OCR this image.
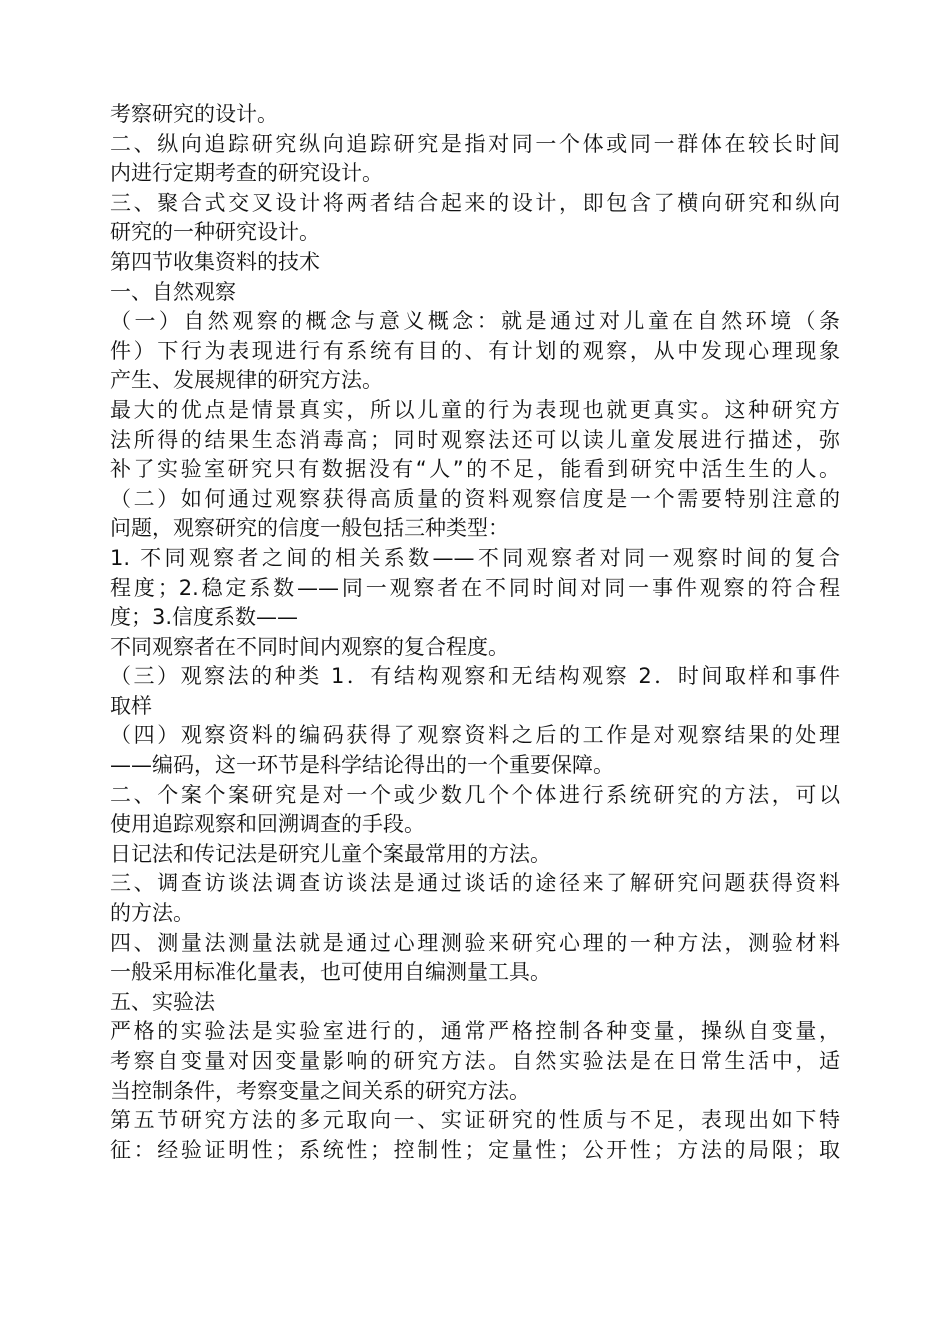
考察研究的设计。
二、纵向追踪研究纵向追踪研究是指对同一个体或同一群体在较长时间
内进行定期考查的研究设计。
三、聚合式交叉设计将两者结合起来的设计，即包含了横向研究和纵向
研究的一种研究设计。
第四节收集资料的技术
一、自然观察
（一）自然观察的概念与意义概念：就是通过对儿童在自然环境（条
件）下行为表现进行有系统有目的、有计划的观察，从中发现心理现象
产生、发展规律的研究方法。
最大的优点是情景真实，所以儿童的行为表现也就更真实。这种研究方
法所得的结果生态消毒高；同时观察法还可以读儿童发展进行描述，弥
补了实验室研究只有数据没有“人”的不足，能看到研究中活生生的人。
（二）如何通过观察获得高质量的资料观察信度是一个需要特别注意的
问题，观察研究的信度一般包括三种类型：
1. 不同观察者之间的相关系数——不同观察者对同一观察时间的复合
程度；2.稳定系数——同一观察者在不同时间对同一事件观察的符合程
度；3.信度系数——
不同观察者在不同时间内观察的复合程度。
（三）观察法的种类 1．有结构观察和无结构观察 2．时间取样和事件
取样
（四）观察资料的编码获得了观察资料之后的工作是对观察结果的处理
——编码，这一环节是科学结论得出的一个重要保障。
二、个案个案研究是对一个或少数几个个体进行系统研究的方法，可以
使用追踪观察和回溯调查的手段。
日记法和传记法是研究儿童个案最常用的方法。
三、调查访谈法调查访谈法是通过谈话的途径来了解研究问题获得资料
的方法。
四、测量法测量法就是通过心理测验来研究心理的一种方法，测验材料
一般采用标准化量表，也可使用自编测量工具。
五、实验法
严格的实验法是实验室进行的，通常严格控制各种变量，操纵自变量，
考察自变量对因变量影响的研究方法。自然实验法是在日常生活中，适
当控制条件，考察变量之间关系的研究方法。
第五节研究方法的多元取向一、实证研究的性质与不足，表现出如下特
征：经验证明性；系统性；控制性；定量性；公开性；方法的局限；取
